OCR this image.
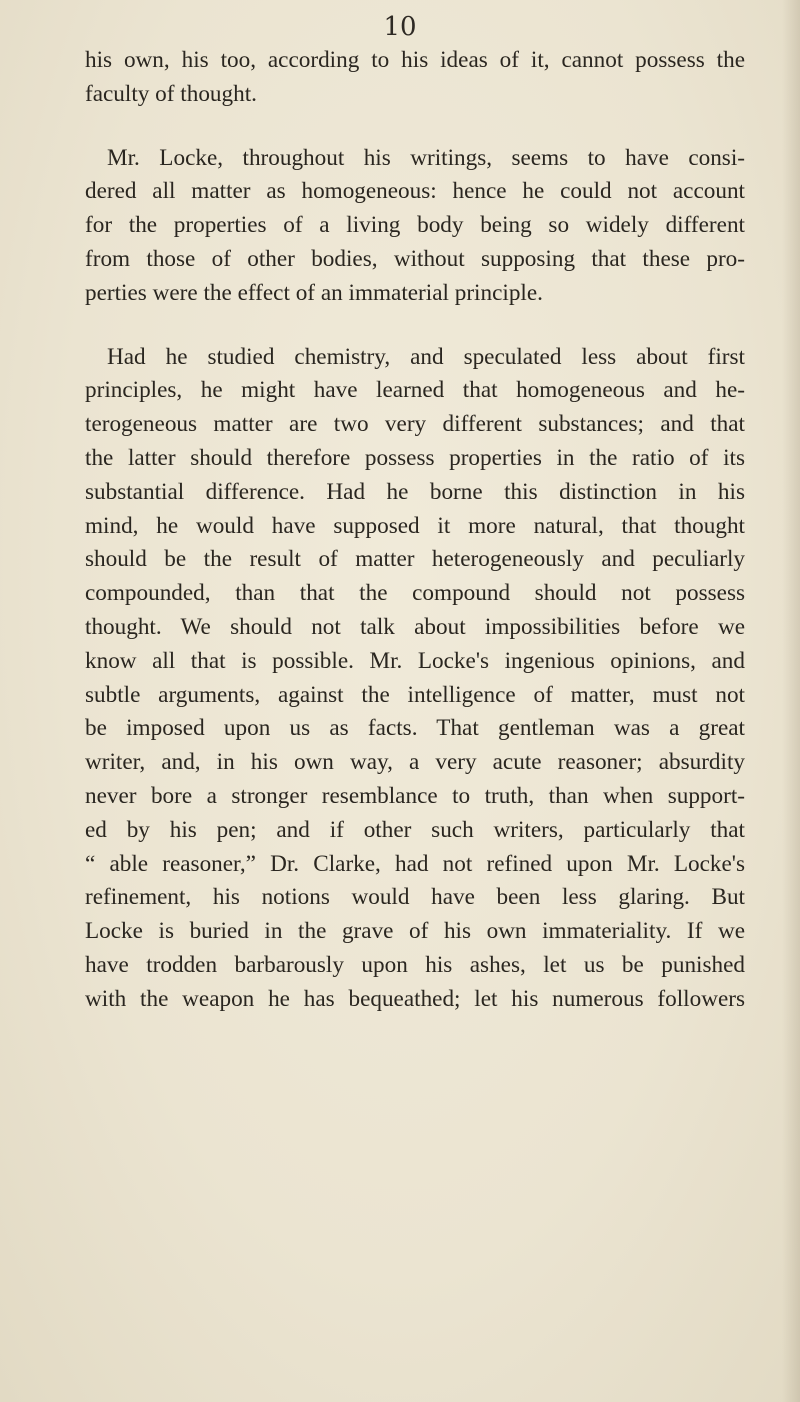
10
his own, his too, according to his ideas of it, cannot possess the
faculty of thought.
Mr. Locke, throughout his writings, seems to have consi-
dered all matter as homogeneous: hence he could not account
for the properties of a living body being so widely different
from those of other bodies, without supposing that these pro-
perties were the effect of an immaterial principle.
Had he studied chemistry, and speculated less about first
principles, he might have learned that homogeneous and he-
terogeneous matter are two very different substances; and that
the latter should therefore possess properties in the ratio of its
substantial difference. Had he borne this distinction in his
mind, he would have supposed it more natural, that thought
should be the result of matter heterogeneously and peculiarly
compounded, than that the compound should not possess
thought. We should not talk about impossibilities before we
know all that is possible. Mr. Locke's ingenious opinions, and
subtle arguments, against the intelligence of matter, must not
be imposed upon us as facts. That gentleman was a great
writer, and, in his own way, a very acute reasoner; absurdity
never bore a stronger resemblance to truth, than when support-
ed by his pen; and if other such writers, particularly that
“ able reasoner,” Dr. Clarke, had not refined upon Mr. Locke's
refinement, his notions would have been less glaring. But
Locke is buried in the grave of his own immateriality. If we
have trodden barbarously upon his ashes, let us be punished
with the weapon he has bequeathed; let his numerous followers
